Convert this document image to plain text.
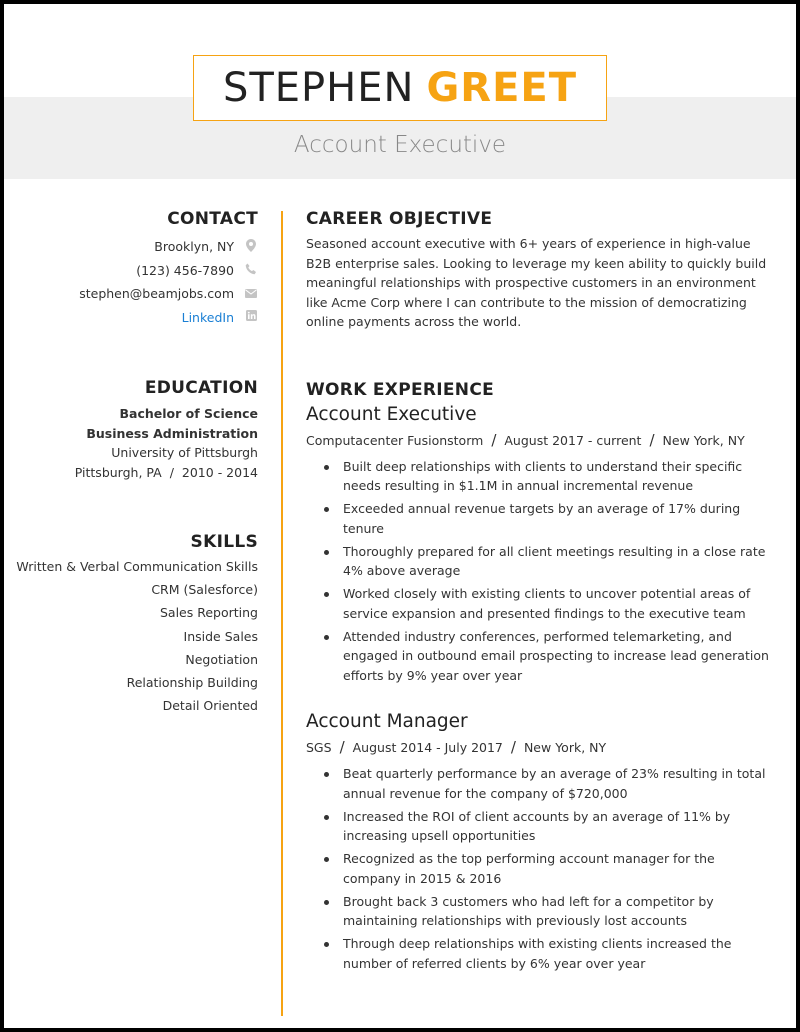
STEPHEN GREET
Account Executive
CONTACT
Brooklyn, NY
(123) 456-7890
stephen@beamjobs.com
LinkedIn
EDUCATION
Bachelor of Science
Business Administration
University of Pittsburgh
Pittsburgh, PA / 2010 - 2014
SKILLS
Written & Verbal Communication Skills
CRM (Salesforce)
Sales Reporting
Inside Sales
Negotiation
Relationship Building
Detail Oriented
CAREER OBJECTIVE
Seasoned account executive with 6+ years of experience in high-value B2B enterprise sales. Looking to leverage my keen ability to quickly build meaningful relationships with prospective customers in an environment like Acme Corp where I can contribute to the mission of democratizing online payments across the world.
WORK EXPERIENCE
Account Executive
Computacenter Fusionstorm / August 2017 - current / New York, NY
Built deep relationships with clients to understand their specific needs resulting in $1.1M in annual incremental revenue
Exceeded annual revenue targets by an average of 17% during tenure
Thoroughly prepared for all client meetings resulting in a close rate 4% above average
Worked closely with existing clients to uncover potential areas of service expansion and presented findings to the executive team
Attended industry conferences, performed telemarketing, and engaged in outbound email prospecting to increase lead generation efforts by 9% year over year
Account Manager
SGS / August 2014 - July 2017 / New York, NY
Beat quarterly performance by an average of 23% resulting in total annual revenue for the company of $720,000
Increased the ROI of client accounts by an average of 11% by increasing upsell opportunities
Recognized as the top performing account manager for the company in 2015 & 2016
Brought back 3 customers who had left for a competitor by maintaining relationships with previously lost accounts
Through deep relationships with existing clients increased the number of referred clients by 6% year over year
